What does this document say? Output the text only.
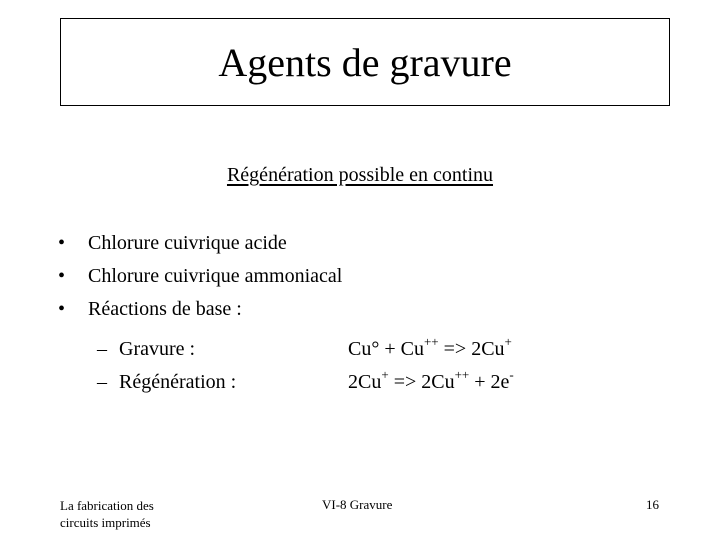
Agents de gravure
Régénération possible en continu
•	Chlorure cuivrique acide
•	Chlorure cuivrique ammoniacal
•	Réactions de base :
– Gravure :	Cu° + Cu++ => 2Cu+
– Régénération :	2Cu+ => 2Cu++ + 2e-
La fabrication des
circuits imprimés
VI-8 Gravure	16
